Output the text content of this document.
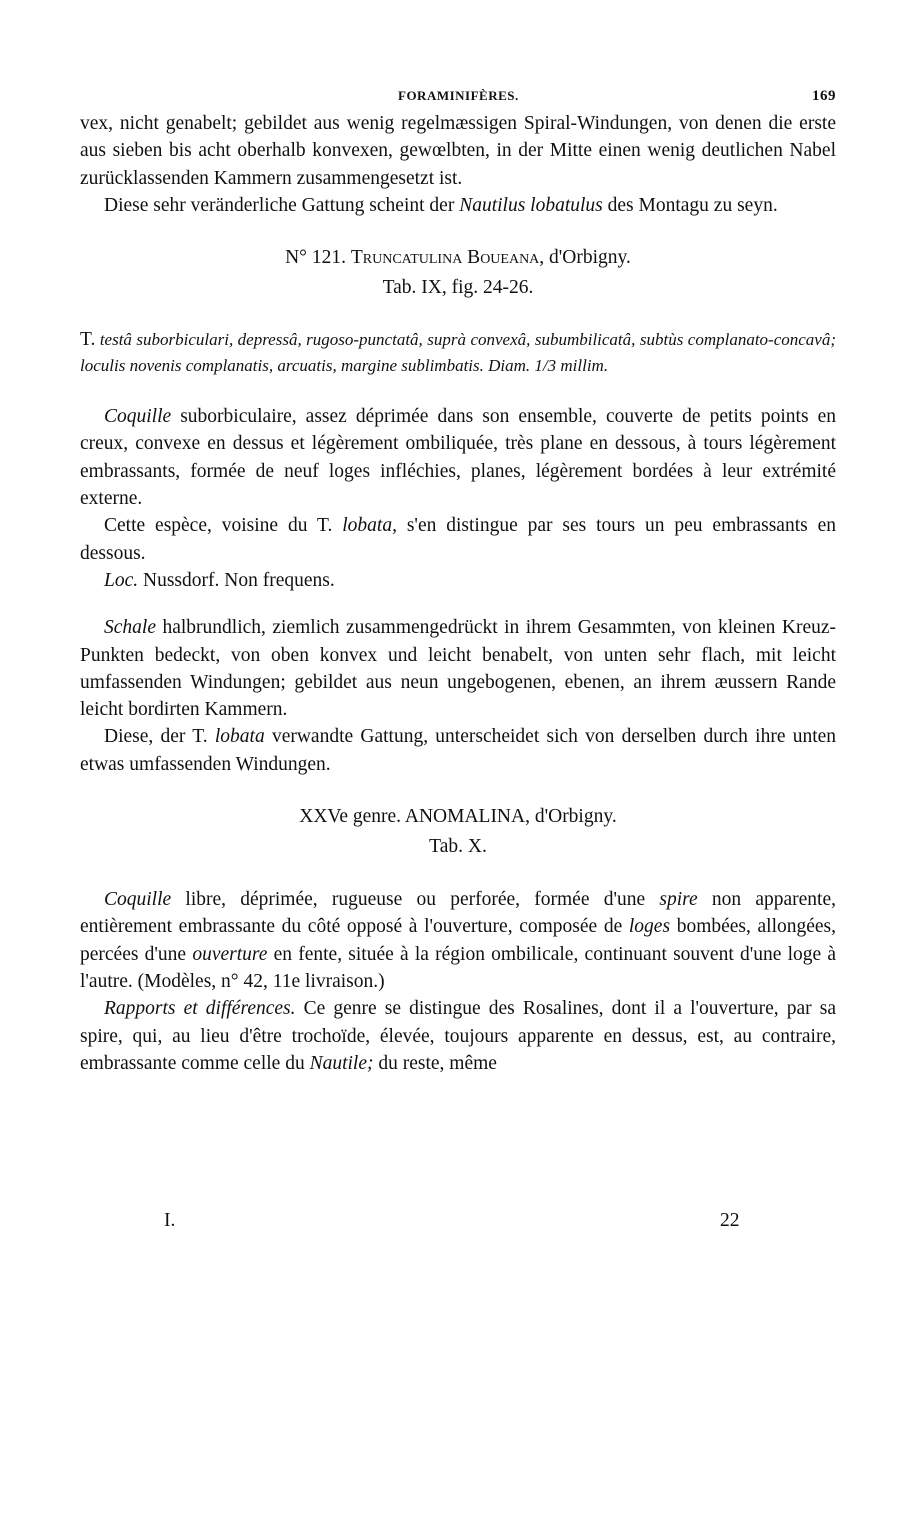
FORAMINIFÈRES.	169

vex, nicht genabelt; gebildet aus wenig regelmæssigen Spiral-Windungen, von denen die erste aus sieben bis acht oberhalb konvexen, gewœlbten, in der Mitte einen wenig deutlichen Nabel zurücklassenden Kammern zusammengesetzt ist.

Diese sehr veränderliche Gattung scheint der Nautilus lobatulus des Montagu zu seyn.

N° 121. Truncatulina Boueana, d'Orbigny.
Tab. IX, fig. 24-26.

T. testâ suborbiculari, depressâ, rugoso-punctatâ, suprà convexâ, subumbilicatâ, subtùs complanato-concavâ; loculis novenis complanatis, arcuatis, margine sublimbatis. Diam. 1/3 millim.

Coquille suborbiculaire, assez déprimée dans son ensemble, couverte de petits points en creux, convexe en dessus et légèrement ombiliquée, très plane en dessous, à tours légèrement embrassants, formée de neuf loges infléchies, planes, légèrement bordées à leur extrémité externe.

Cette espèce, voisine du T. lobata, s'en distingue par ses tours un peu embrassants en dessous.

Loc. Nussdorf. Non frequens.

Schale halbrundlich, ziemlich zusammengedrückt in ihrem Gesammten, von kleinen Kreuz-Punkten bedeckt, von oben konvex und leicht benabelt, von unten sehr flach, mit leicht umfassenden Windungen; gebildet aus neun ungebogenen, ebenen, an ihrem æussern Rande leicht bordirten Kammern.

Diese, der T. lobata verwandte Gattung, unterscheidet sich von derselben durch ihre unten etwas umfassenden Windungen.

XXVe genre. ANOMALINA, d'Orbigny.
Tab. X.

Coquille libre, déprimée, rugueuse ou perforée, formée d'une spire non apparente, entièrement embrassante du côté opposé à l'ouverture, composée de loges bombées, allongées, percées d'une ouverture en fente, située à la région ombilicale, continuant souvent d'une loge à l'autre. (Modèles, n° 42, 11e livraison.)

Rapports et différences. Ce genre se distingue des Rosalines, dont il a l'ouverture, par sa spire, qui, au lieu d'être trochoïde, élevée, toujours apparente en dessus, est, au contraire, embrassante comme celle du Nautile; du reste, même

I.	22
